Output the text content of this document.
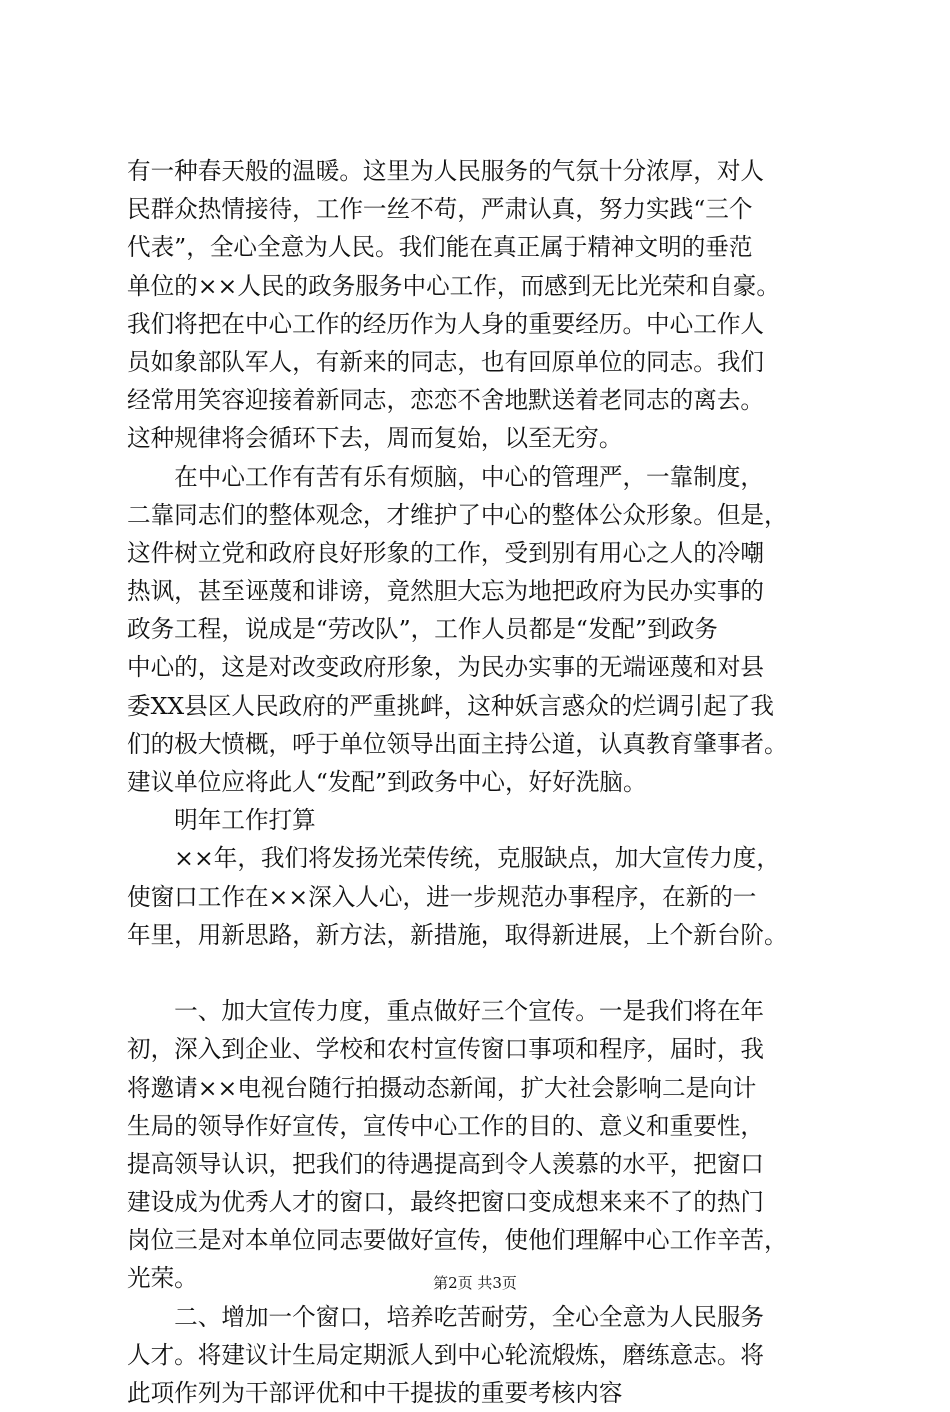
有一种春天般的温暖。这里为人民服务的气氛十分浓厚，对人
民群众热情接待，工作一丝不苟，严肃认真，努力实践“三个
代表”，全心全意为人民。我们能在真正属于精神文明的垂范
单位的××人民的政务服务中心工作，而感到无比光荣和自豪。
我们将把在中心工作的经历作为人身的重要经历。中心工作人
员如象部队军人，有新来的同志，也有回原单位的同志。我们
经常用笑容迎接着新同志，恋恋不舍地默送着老同志的离去。
这种规律将会循环下去，周而复始，以至无穷。
　　在中心工作有苦有乐有烦脑，中心的管理严，一靠制度，
二靠同志们的整体观念，才维护了中心的整体公众形象。但是，
这件树立党和政府良好形象的工作，受到别有用心之人的冷嘲
热讽，甚至诬蔑和诽谤，竟然胆大忘为地把政府为民办实事的
政务工程，说成是“劳改队”，工作人员都是“发配”到政务
中心的，这是对改变政府形象，为民办实事的无端诬蔑和对县
委XX县区人民政府的严重挑衅，这种妖言惑众的烂调引起了我
们的极大愤概，呼于单位领导出面主持公道，认真教育肇事者。
建议单位应将此人“发配”到政务中心，好好洗脑。
　　明年工作打算
　　××年，我们将发扬光荣传统，克服缺点，加大宣传力度，
使窗口工作在××深入人心，进一步规范办事程序，在新的一
年里，用新思路，新方法，新措施，取得新进展，上个新台阶。
　　一、加大宣传力度，重点做好三个宣传。一是我们将在年
初，深入到企业、学校和农村宣传窗口事项和程序，届时，我
将邀请××电视台随行拍摄动态新闻，扩大社会影响二是向计
生局的领导作好宣传，宣传中心工作的目的、意义和重要性，
提高领导认识，把我们的待遇提高到令人羡慕的水平，把窗口
建设成为优秀人才的窗口，最终把窗口变成想来来不了的热门
岗位三是对本单位同志要做好宣传，使他们理解中心工作辛苦，
光荣。
　　二、增加一个窗口，培养吃苦耐劳，全心全意为人民服务
人才。将建议计生局定期派人到中心轮流煅炼，磨练意志。将
此项作列为干部评优和中干提拔的重要考核内容
第2页 共3页
